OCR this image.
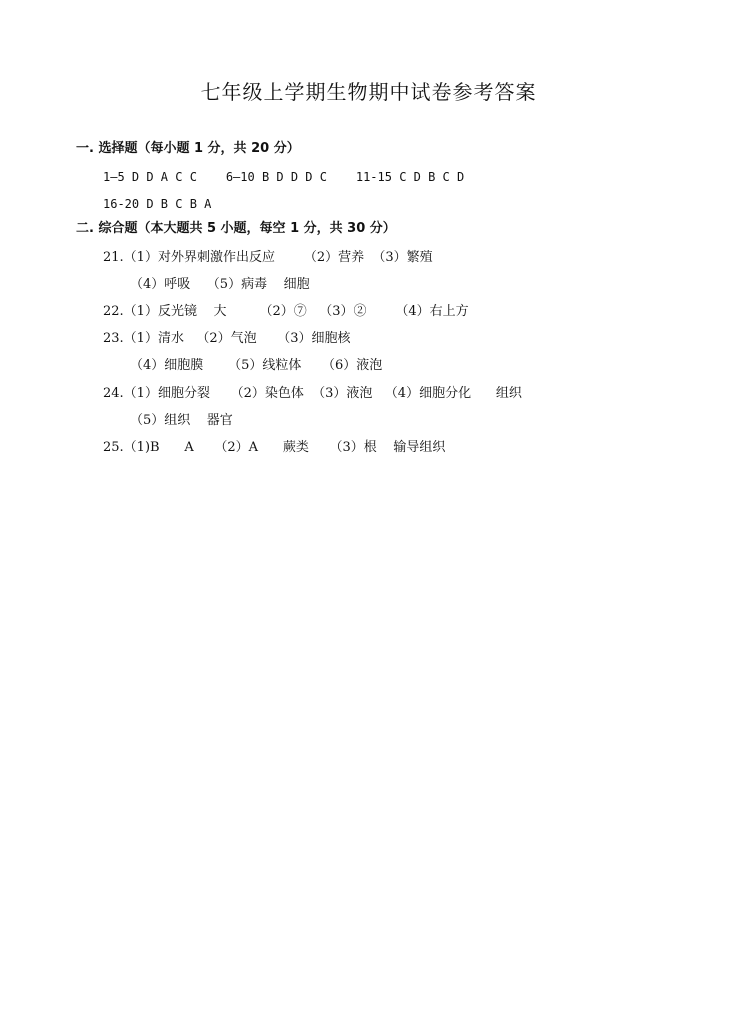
七年级上学期生物期中试卷参考答案
一. 选择题（每小题 1 分，共 20 分）
1—5 D D A C C    6—10 B D D D C    11-15 C D B C D
16-20 D B C B A
二. 综合题（本大题共 5 小题，每空 1 分，共 30 分）
21.（1）对外界刺激作出反应       （2）营养  （3）繁殖
（4）呼吸    （5）病毒    细胞
22.（1）反光镜    大        （2）⑦   （3）②       （4）右上方
23.（1）清水   （2）气泡     （3）细胞核
（4）细胞膜      （5）线粒体     （6）液泡
24.（1）细胞分裂     （2）染色体  （3）液泡   （4）细胞分化      组织
（5）组织    器官
25.（1)B      A     （2）A      蕨类     （3）根    输导组织
